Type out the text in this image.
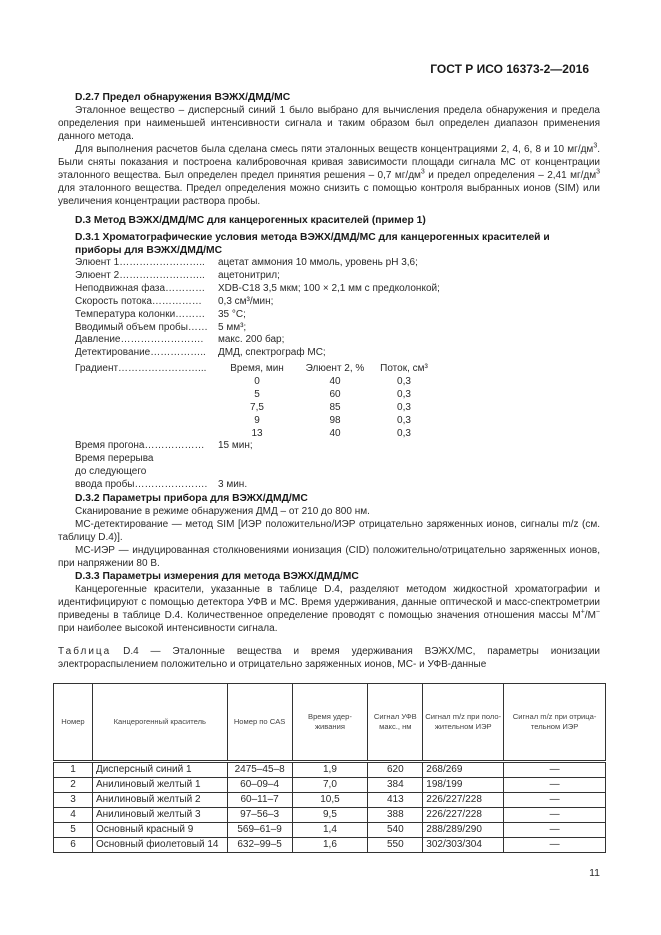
ГОСТ Р ИСО 16373-2—2016
D.2.7 Предел обнаружения ВЭЖХ/ДМД/МС
Эталонное вещество – дисперсный синий 1 было выбрано для вычисления предела обнаружения и предела определения при наименьшей интенсивности сигнала и таким образом был определен диапазон применения данного метода.
Для выполнения расчетов была сделана смесь пяти эталонных веществ концентрациями 2, 4, 6, 8 и 10 $мг/дм^3$. Были сняты показания и построена калибровочная кривая зависимости площади сигнала МС от концентрации эталонного вещества. Был определен предел принятия решения – 0,7 $мг/дм^3$ и предел определения – 2,41 $мг/дм^3$ для эталонного вещества. Предел определения можно снизить с помощью контроля выбранных ионов (SIM) или увеличения концентрации раствора пробы.
D.3 Метод ВЭЖХ/ДМД/МС для канцерогенных красителей (пример 1)
D.3.1 Хроматографические условия метода ВЭЖХ/ДМД/МС для канцерогенных красителей и
приборы для ВЭЖХ/ДМД/МС
Элюент 1……………………..	ацетат аммония 10 ммоль, уровень рН 3,6;
Элюент 2……………………..	ацетонитрил;
Неподвижная фаза…………	XDB-C18 3,5 мкм; 100 × 2,1 мм с предколонкой;
Скорость потока……………	0,3 см³/мин;
Температура колонки………	35 °C;
Вводимый объем пробы……	5 мм³;
Давление…………………….	макс. 200 бар;
Детектирование……………..	ДМД, спектрограф МС;
Градиент……………………...	Время, мин	Элюент 2, %	Поток, см³
	0	40	0,3
	5	60	0,3
	7,5	85	0,3
	9	98	0,3
	13	40	0,3
Время прогона………………	15 мин;
Время перерыва
до следующего
ввода пробы………………….	3 мин.
D.3.2 Параметры прибора для ВЭЖХ/ДМД/МС
Сканирование в режиме обнаружения ДМД – от 210 до 800 нм.
МС-детектирование — метод SIM [ИЭР положительно/ИЭР отрицательно заряженных ионов, сигналы m/z (см. таблицу D.4)].
МС-ИЭР — индуцированная столкновениями ионизация (CID) положительно/отрицательно заряженных ионов, при напряжении 80 В.
D.3.3 Параметры измерения для метода ВЭЖХ/ДМД/МС
Канцерогенные красители, указанные в таблице D.4, разделяют методом жидкостной хроматографии и идентифицируют с помощью детектора УФВ и МС. Время удерживания, данные оптической и масс-спектрометрии приведены в таблице D.4. Количественное определение проводят с помощью значения отношения массы M+/M− при наиболее высокой интенсивности сигнала.
Таблица D.4 — Эталонные вещества и время удерживания ВЭЖХ/МС, параметры ионизации электрораспылением положительно и отрицательно заряженных ионов, МС- и УФВ-данные
Номер	Канцерогенный краситель	Номер по CAS	Время удер-живания	Сигнал УФВ макс., нм	Сигнал m/z при поло-жительном ИЭР	Сигнал m/z при отрица-тельном ИЭР
1	Дисперсный синий 1	2475–45–8	1,9	620	268/269	—
2	Анилиновый желтый 1	60–09–4	7,0	384	198/199	—
3	Анилиновый желтый 2	60–11–7	10,5	413	226/227/228	—
4	Анилиновый желтый 3	97–56–3	9,5	388	226/227/228	—
5	Основный красный 9	569–61–9	1,4	540	288/289/290	—
6	Основный фиолетовый 14	632–99–5	1,6	550	302/303/304	—
11
